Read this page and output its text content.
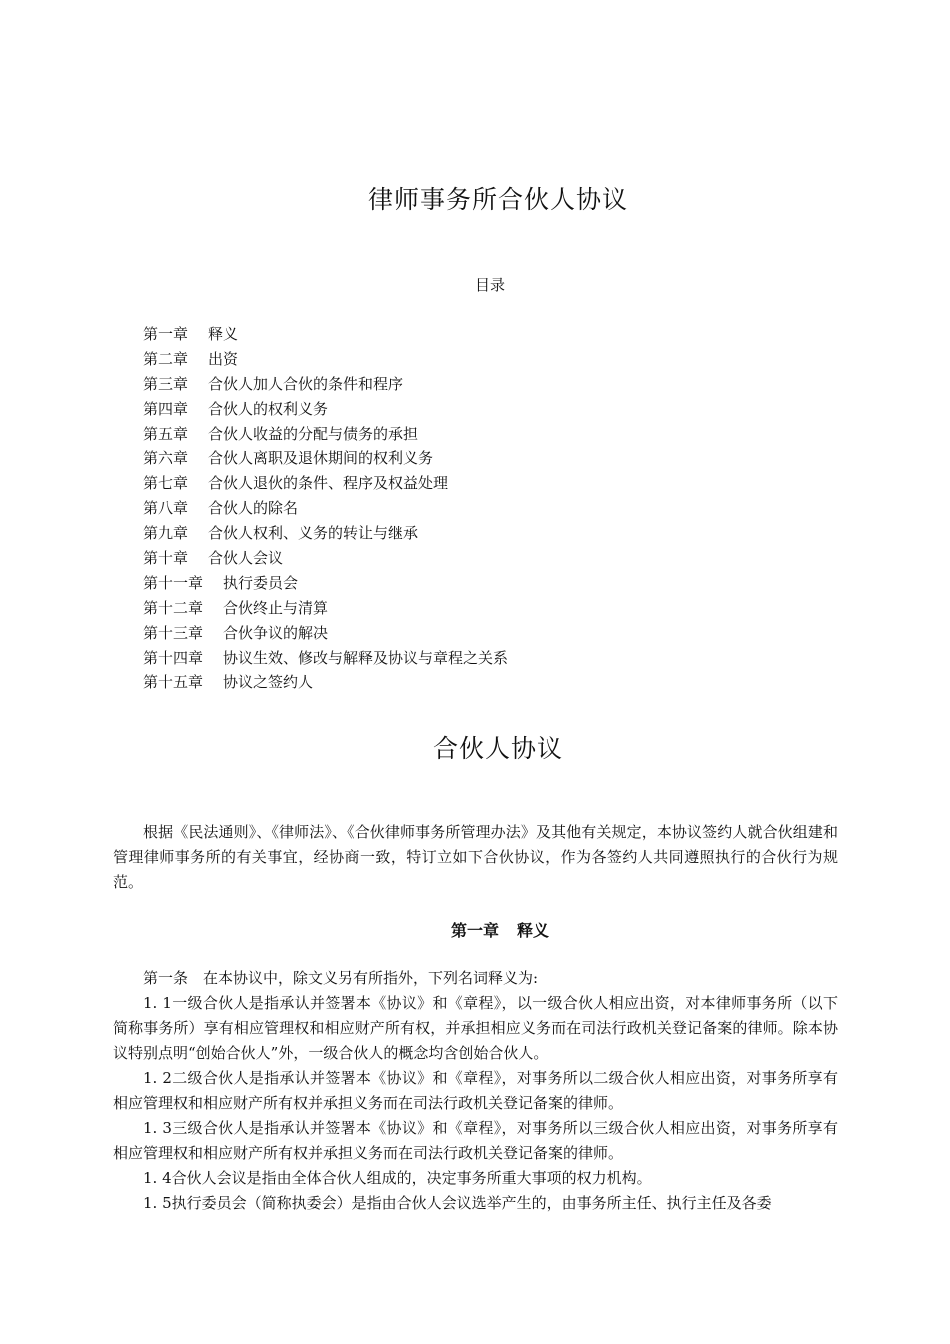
律师事务所合伙人协议
目录
第一章 释义
第二章 出资
第三章 合伙人加人合伙的条件和程序
第四章 合伙人的权利义务
第五章 合伙人收益的分配与债务的承担
第六章 合伙人离职及退休期间的权利义务
第七章 合伙人退伙的条件、程序及权益处理
第八章 合伙人的除名
第九章 合伙人权利、义务的转让与继承
第十章 合伙人会议
第十一章 执行委员会
第十二章 合伙终止与清算
第十三章 合伙争议的解决
第十四章 协议生效、修改与解释及协议与章程之关系
第十五章 协议之签约人
合伙人协议

根据《民法通则》、《律师法》、《合伙律师事务所管理办法》及其他有关规定，本协议签约人就合伙组建和管理律师事务所的有关事宜，经协商一致，特订立如下合伙协议，作为各签约人共同遵照执行的合伙行为规范。

第一章 释义

第一条　在本协议中，除文义另有所指外，下列名词释义为:

1. 1一级合伙人是指承认并签署本《协议》和《章程》，以一级合伙人相应出资，对本律师事务所（以下简称事务所）享有相应管理权和相应财产所有权，并承担相应义务而在司法行政机关登记备案的律师。除本协议特别点明“创始合伙人”外，一级合伙人的概念均含创始合伙人。

1. 2二级合伙人是指承认并签署本《协议》和《章程》，对事务所以二级合伙人相应出资，对事务所享有相应管理权和相应财产所有权并承担义务而在司法行政机关登记备案的律师。

1. 3三级合伙人是指承认并签署本《协议》和《章程》，对事务所以三级合伙人相应出资，对事务所享有相应管理权和相应财产所有权并承担义务而在司法行政机关登记备案的律师。

1. 4合伙人会议是指由全体合伙人组成的，决定事务所重大事项的权力机构。

1. 5执行委员会（简称执委会）是指由合伙人会议选举产生的，由事务所主任、执行主任及各委
